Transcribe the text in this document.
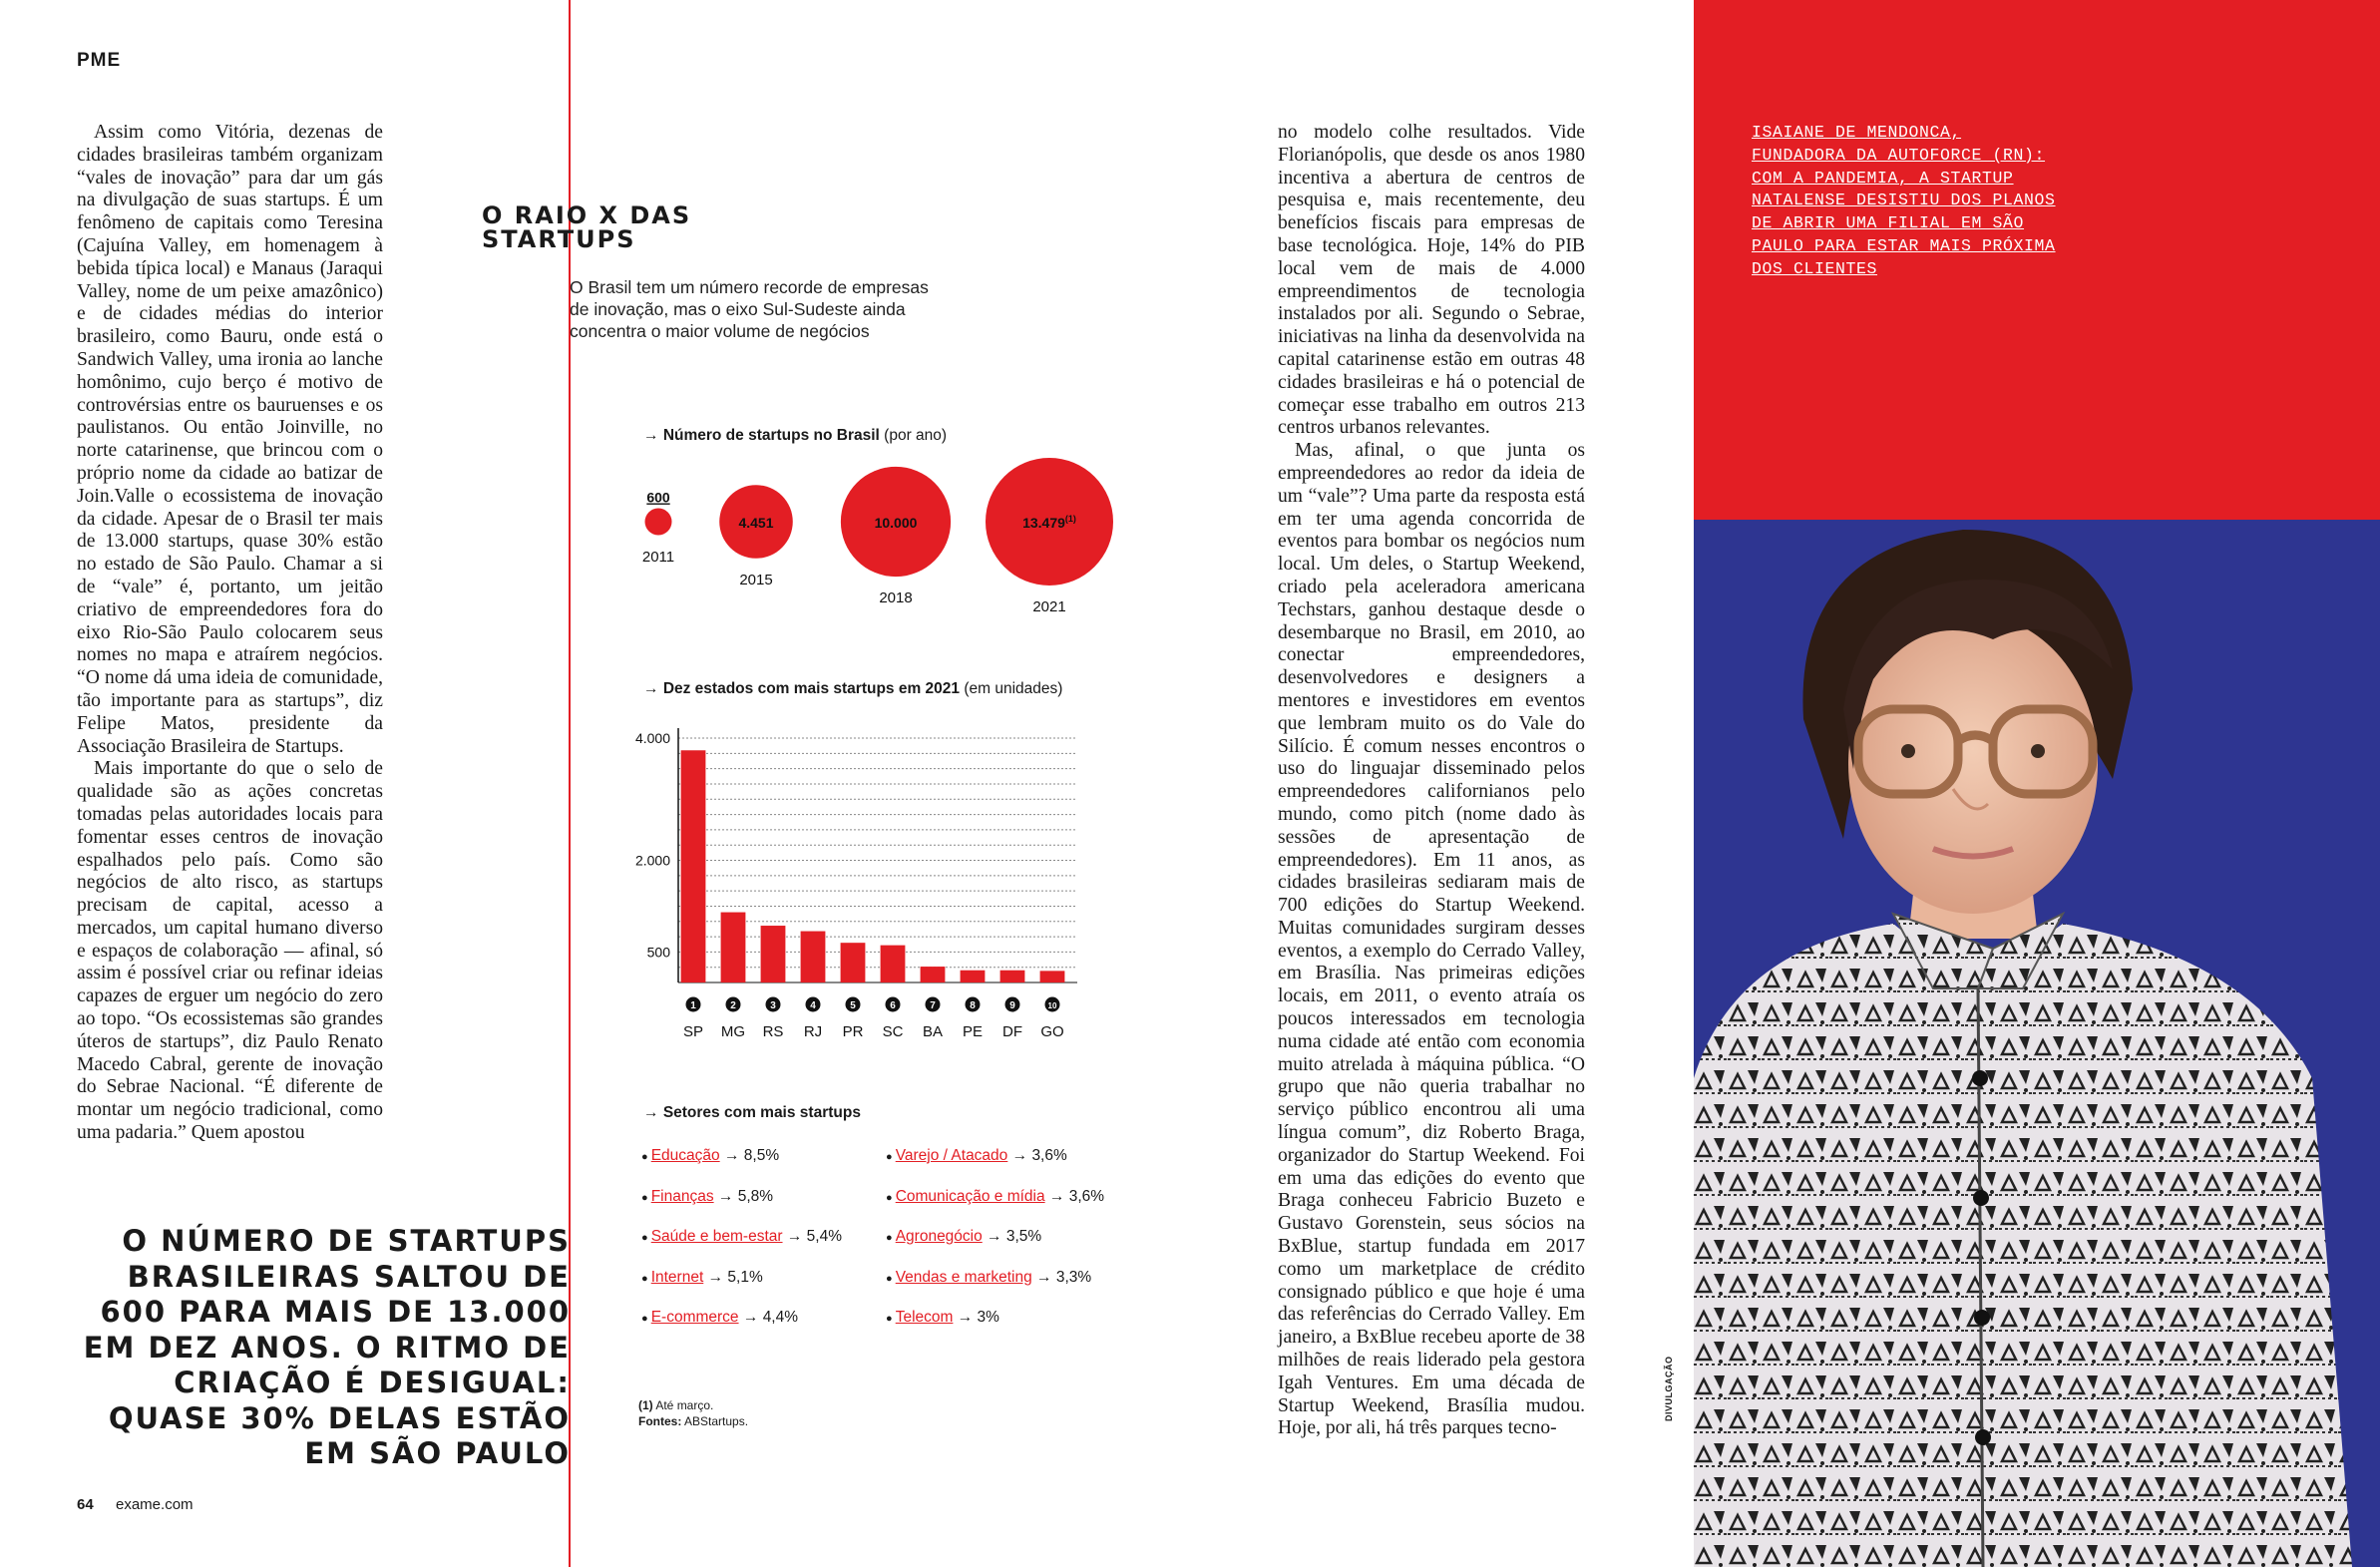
PME
64 exame.com

Assim como Vitória, dezenas de cidades brasileiras também organizam “vales de inovação” para dar um gás na divulgação de suas startups. É um fenômeno de capitais como Teresina (Cajuína Valley, em homenagem à bebida típica local) e Manaus (Jaraqui Valley, nome de um peixe amazônico) e de cidades médias do interior brasileiro, como Bauru, onde está o Sandwich Valley, uma ironia ao lanche homônimo, cujo berço é motivo de controvérsias entre os bauruenses e os paulistanos. Ou então Joinville, no norte catarinense, que brincou com o próprio nome da cidade ao batizar de Join.Valle o ecossistema de inovação da cidade. Apesar de o Brasil ter mais de 13.000 startups, quase 30% estão no estado de São Paulo. Chamar a si de “vale” é, portanto, um jeitão criativo de empreendedores fora do eixo Rio-São Paulo colocarem seus nomes no mapa e atraírem negócios. “O nome dá uma ideia de comunidade, tão importante para as startups”, diz Felipe Matos, presidente da Associação Brasileira de Startups.

Mais importante do que o selo de qualidade são as ações concretas tomadas pelas autoridades locais para fomentar esses centros de inovação espalhados pelo país. Como são negócios de alto risco, as startups precisam de capital, acesso a mercados, um capital humano diverso e espaços de colaboração — afinal, só assim é possível criar ou refinar ideias capazes de erguer um negócio do zero ao topo. “Os ecossistemas são grandes úteros de startups”, diz Paulo Renato Macedo Cabral, gerente de inovação do Sebrae Nacional. “É diferente de montar um negócio tradicional, como uma padaria.” Quem apostou

O NÚMERO DE STARTUPS BRASILEIRAS SALTOU DE 600 PARA MAIS DE 13.000 EM DEZ ANOS. O RITMO DE CRIAÇÃO É DESIGUAL: QUASE 30% DELAS ESTÃO EM SÃO PAULO
O RAIO X DAS STARTUPS
O Brasil tem um número recorde de empresas de inovação, mas o eixo Sul-Sudeste ainda concentra o maior volume de negócios
→ Número de startups no Brasil (por ano)
600
2011
4.451
2015
10.000
2018
13.479$^{(1)}$
2021
→ Dez estados com mais startups em 2021 (em unidades)
500
2.000
4.000
1
SP
2
MG
3
RS
4
RJ
5
PR
6
SC
7
BA
8
PE
9
DF
10
GO
→ Setores com mais startups
● Educação → 8,5%
● Finanças → 5,8%
● Saúde e bem-estar → 5,4%
● Internet → 5,1%
● E-commerce → 4,4%
● Varejo / Atacado → 3,6%
● Comunicação e mídia → 3,6%
● Agronegócio → 3,5%
● Vendas e marketing → 3,3%
● Telecom → 3%
(1) Até março.
Fontes: ABStartups.

no modelo colhe resultados. Vide Florianópolis, que desde os anos 1980 incentiva a abertura de centros de pesquisa e, mais recentemente, deu benefícios fiscais para empresas de base tecnológica. Hoje, 14% do PIB local vem de mais de 4.000 empreendimentos de tecnologia instalados por ali. Segundo o Sebrae, iniciativas na linha da desenvolvida na capital catarinense estão em outras 48 cidades brasileiras e há o potencial de começar esse trabalho em outros 213 centros urbanos relevantes.

Mas, afinal, o que junta os empreendedores ao redor da ideia de um “vale”? Uma parte da resposta está em ter uma agenda concorrida de eventos para bombar os negócios num local. Um deles, o Startup Weekend, criado pela aceleradora americana Techstars, ganhou destaque desde o desembarque no Brasil, em 2010, ao conectar empreendedores, desenvolvedores e designers a mentores e investidores em eventos que lembram muito os do Vale do Silício. É comum nesses encontros o uso do linguajar disseminado pelos empreendedores californianos pelo mundo, como pitch (nome dado às sessões de apresentação de empreendedores). Em 11 anos, as cidades brasileiras sediaram mais de 700 edições do Startup Weekend. Muitas comunidades surgiram desses eventos, a exemplo do Cerrado Valley, em Brasília. Nas primeiras edições locais, em 2011, o evento atraía os poucos interessados em tecnologia numa cidade até então com economia muito atrelada à máquina pública. “O grupo que não queria trabalhar no serviço público encontrou ali uma língua comum”, diz Roberto Braga, organizador do Startup Weekend. Foi em uma das edições do evento que Braga conheceu Fabricio Buzeto e Gustavo Gorenstein, seus sócios na BxBlue, startup fundada em 2017 como um marketplace de crédito consignado público e que hoje é uma das referências do Cerrado Valley. Em janeiro, a BxBlue recebeu aporte de 38 milhões de reais liderado pela gestora Igah Ventures. Em uma década de Startup Weekend, Brasília mudou. Hoje, por ali, há três parques tecno-

ISAIANE DE MENDONCA, FUNDADORA DA AUTOFORCE (RN): COM A PANDEMIA, A STARTUP NATALENSE DESISTIU DOS PLANOS DE ABRIR UMA FILIAL EM SÃO PAULO PARA ESTAR MAIS PRÓXIMA DOS CLIENTES
DIVULGAÇÃO
